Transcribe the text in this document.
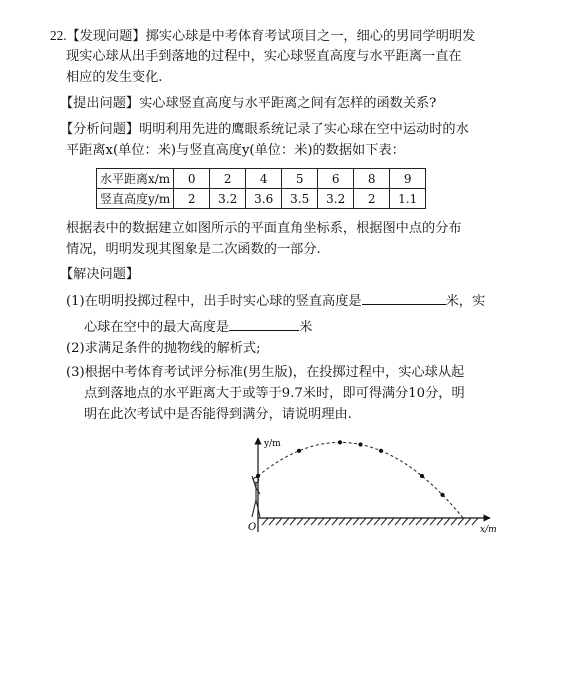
22.【发现问题】掷实心球是中考体育考试项目之一，细心的男同学明明发
现实心球从出手到落地的过程中，实心球竖直高度与水平距离一直在
相应的发生变化.
【提出问题】实心球竖直高度与水平距离之间有怎样的函数关系?
【分析问题】明明利用先进的鹰眼系统记录了实心球在空中运动时的水
平距离x(单位：米)与竖直高度y(单位：米)的数据如下表：
水平距离x/m	0	2	4	5	6	8	9
竖直高度y/m	2	3.2	3.6	3.5	3.2	2	1.1
根据表中的数据建立如图所示的平面直角坐标系，根据图中点的分布
情况，明明发现其图象是二次函数的一部分.
【解决问题】
(1)在明明投掷过程中，出手时实心球的竖直高度是	米，实
心球在空中的最大高度是	米
(2)求满足条件的抛物线的解析式;
(3)根据中考体育考试评分标准(男生版)，在投掷过程中，实心球从起
点到落地点的水平距离大于或等于9.7米时，即可得满分10分，明
明在此次考试中是否能得到满分，请说明理由.
y/m
x/m
O
